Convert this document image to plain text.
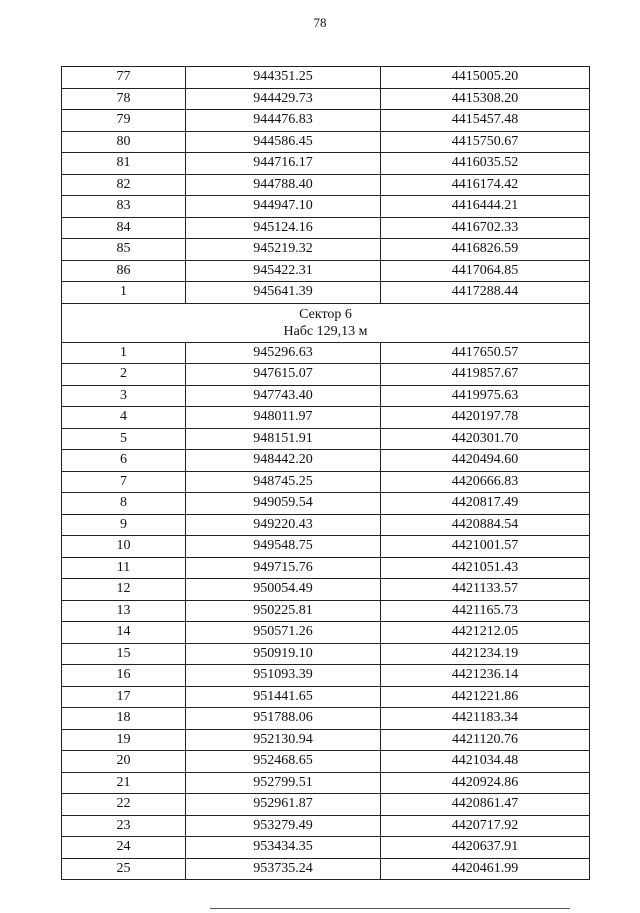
78
77	944351.25	4415005.20
78	944429.73	4415308.20
79	944476.83	4415457.48
80	944586.45	4415750.67
81	944716.17	4416035.52
82	944788.40	4416174.42
83	944947.10	4416444.21
84	945124.16	4416702.33
85	945219.32	4416826.59
86	945422.31	4417064.85
1	945641.39	4417288.44

Сектор 6
Набс 129,13 м		

1	945296.63	4417650.57
2	947615.07	4419857.67
3	947743.40	4419975.63
4	948011.97	4420197.78
5	948151.91	4420301.70
6	948442.20	4420494.60
7	948745.25	4420666.83
8	949059.54	4420817.49
9	949220.43	4420884.54
10	949548.75	4421001.57
11	949715.76	4421051.43
12	950054.49	4421133.57
13	950225.81	4421165.73
14	950571.26	4421212.05
15	950919.10	4421234.19
16	951093.39	4421236.14
17	951441.65	4421221.86
18	951788.06	4421183.34
19	952130.94	4421120.76
20	952468.65	4421034.48
21	952799.51	4420924.86
22	952961.87	4420861.47
23	953279.49	4420717.92
24	953434.35	4420637.91
25	953735.24	4420461.99
